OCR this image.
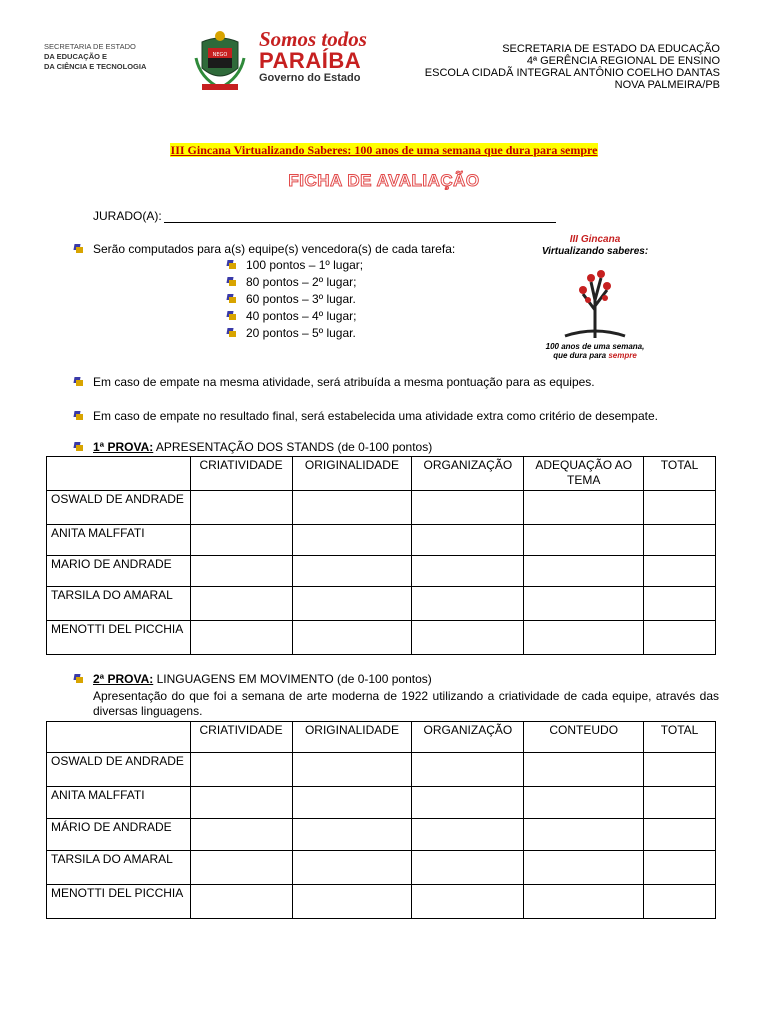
SECRETARIA DE ESTADO
DA EDUCAÇÃO E
DA CIÊNCIA E TECNOLOGIA
NEGO
Somos todos
PARAÍBA
Governo do Estado
SECRETARIA DE ESTADO DA EDUCAÇÃO
4ª GERÊNCIA REGIONAL DE ENSINO
ESCOLA CIDADÃ INTEGRAL ANTÔNIO COELHO DANTAS
NOVA PALMEIRA/PB
III Gincana Virtualizando Saberes: 100 anos de uma semana que dura para sempre
FICHA DE AVALIAÇÃO
JURADO(A):
Serão computados para a(s) equipe(s) vencedora(s) de cada tarefa:
100 pontos – 1º lugar;
80 pontos – 2º lugar;
60 pontos – 3º lugar.
40 pontos – 4º lugar;
20 pontos – 5º lugar.
III Gincana
Virtualizando saberes:
100 anos de uma semana,
que dura para sempre
Em caso de empate na mesma atividade, será atribuída a mesma pontuação para as equipes.
Em caso de empate no resultado final, será estabelecida uma atividade extra como critério de desempate.
1ª PROVA: APRESENTAÇÃO DOS STANDS (de 0-100 pontos)
	CRIATIVIDADE	ORIGINALIDADE	ORGANIZAÇÃO	ADEQUAÇÃO AO TEMA	TOTAL
OSWALD DE ANDRADE					
ANITA MALFFATI					
MARIO DE ANDRADE					
TARSILA DO AMARAL					
MENOTTI DEL PICCHIA					
2ª PROVA: LINGUAGENS EM MOVIMENTO (de 0-100 pontos)
Apresentação do que foi a semana de arte moderna de 1922 utilizando a criatividade de cada equipe, através das diversas linguagens.
	CRIATIVIDADE	ORIGINALIDADE	ORGANIZAÇÃO	CONTEUDO	TOTAL
OSWALD DE ANDRADE					
ANITA MALFFATI					
MÁRIO DE ANDRADE					
TARSILA DO AMARAL					
MENOTTI DEL PICCHIA					
